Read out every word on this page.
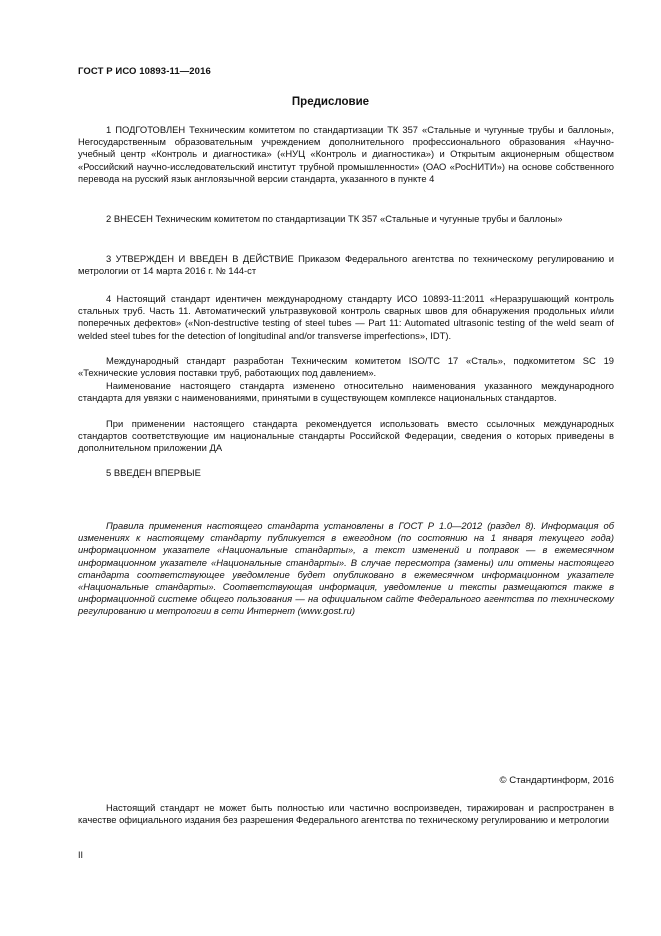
ГОСТ Р ИСО 10893-11—2016
Предисловие
1 ПОДГОТОВЛЕН Техническим комитетом по стандартизации ТК 357 «Стальные и чугунные трубы и баллоны», Негосударственным образовательным учреждением дополнительного профессионального образования «Научно-учебный центр «Контроль и диагностика» («НУЦ «Контроль и диагностика») и Открытым акционерным обществом «Российский научно-исследовательский институт трубной промышленности» (ОАО «РосНИТИ») на основе собственного перевода на русский язык англоязычной версии стандарта, указанного в пункте 4
2 ВНЕСЕН Техническим комитетом по стандартизации ТК 357 «Стальные и чугунные трубы и баллоны»
3 УТВЕРЖДЕН И ВВЕДЕН В ДЕЙСТВИЕ Приказом Федерального агентства по техническому регулированию и метрологии от 14 марта 2016 г. № 144-ст
4 Настоящий стандарт идентичен международному стандарту ИСО 10893-11:2011 «Неразрушающий контроль стальных труб. Часть 11. Автоматический ультразвуковой контроль сварных швов для обнаружения продольных и/или поперечных дефектов» («Non-destructive testing of steel tubes — Part 11: Automated ultrasonic testing of the weld seam of welded steel tubes for the detection of longitudinal and/or transverse imperfections», IDT).
Международный стандарт разработан Техническим комитетом ISO/TC 17 «Сталь», подкомитетом SC 19 «Технические условия поставки труб, работающих под давлением».
Наименование настоящего стандарта изменено относительно наименования указанного международного стандарта для увязки с наименованиями, принятыми в существующем комплексе национальных стандартов.
При применении настоящего стандарта рекомендуется использовать вместо ссылочных международных стандартов соответствующие им национальные стандарты Российской Федерации, сведения о которых приведены в дополнительном приложении ДА
5 ВВЕДЕН ВПЕРВЫЕ
Правила применения настоящего стандарта установлены в ГОСТ Р 1.0—2012 (раздел 8). Информация об изменениях к настоящему стандарту публикуется в ежегодном (по состоянию на 1 января текущего года) информационном указателе «Национальные стандарты», а текст изменений и поправок — в ежемесячном информационном указателе «Национальные стандарты». В случае пересмотра (замены) или отмены настоящего стандарта соответствующее уведомление будет опубликовано в ежемесячном информационном указателе «Национальные стандарты». Соответствующая информация, уведомление и тексты размещаются также в информационной системе общего пользования — на официальном сайте Федерального агентства по техническому регулированию и метрологии в сети Интернет (www.gost.ru)
© Стандартинформ, 2016
Настоящий стандарт не может быть полностью или частично воспроизведен, тиражирован и распространен в качестве официального издания без разрешения Федерального агентства по техническому регулированию и метрологии
II
